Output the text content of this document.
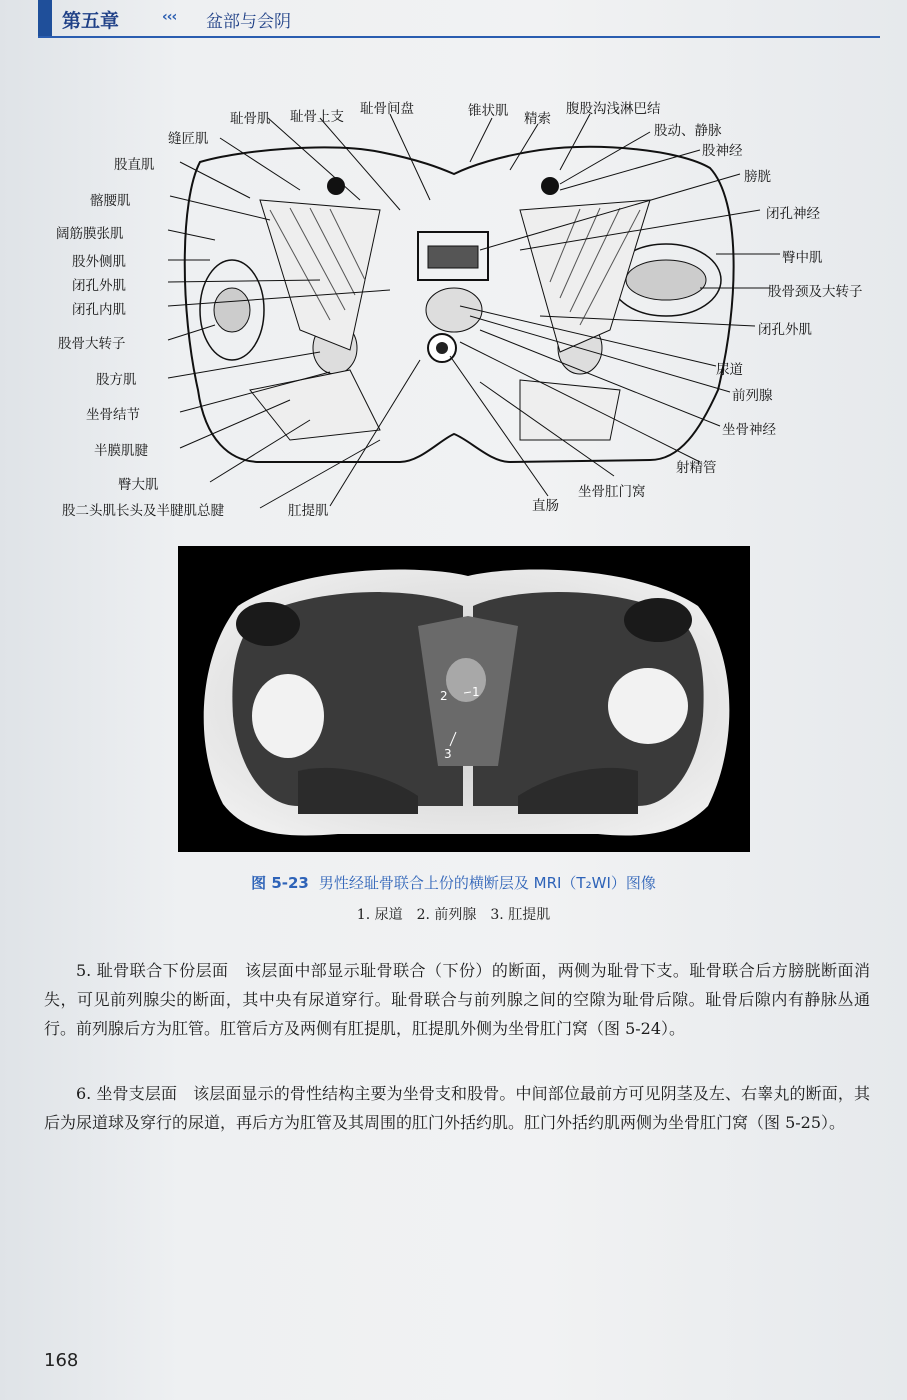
第五章	‹‹‹ 盆部与会阴
耻骨肌 耻骨上支 耻骨间盘
缝匠肌
股直肌
髂腰肌
阔筋膜张肌
股外侧肌
闭孔外肌
闭孔内肌
股骨大转子
股方肌
坐骨结节
半膜肌腱
臀大肌
股二头肌长头及半腱肌总腱	肛提肌
锥状肌 精索
腹股沟浅淋巴结
股动、静脉
股神经
膀胱
闭孔神经
臀中肌
股骨颈及大转子
闭孔外肌
尿道
前列腺
坐骨神经
射精管
坐骨肛门窝
直肠
2 1
3
图 5-23 男性经耻骨联合上份的横断层及 MRI（T₂WI）图像
1. 尿道　2. 前列腺　3. 肛提肌
5. 耻骨联合下份层面　该层面中部显示耻骨联合（下份）的断面，两侧为耻骨下支。耻骨联合后方膀胱断面消失，可见前列腺尖的断面，其中央有尿道穿行。耻骨联合与前列腺之间的空隙为耻骨后隙。耻骨后隙内有静脉丛通行。前列腺后方为肛管。肛管后方及两侧有肛提肌，肛提肌外侧为坐骨肛门窝（图 5-24）。
6. 坐骨支层面　该层面显示的骨性结构主要为坐骨支和股骨。中间部位最前方可见阴茎及左、右睾丸的断面，其后为尿道球及穿行的尿道，再后方为肛管及其周围的肛门外括约肌。肛门外括约肌两侧为坐骨肛门窝（图 5-25）。
168
